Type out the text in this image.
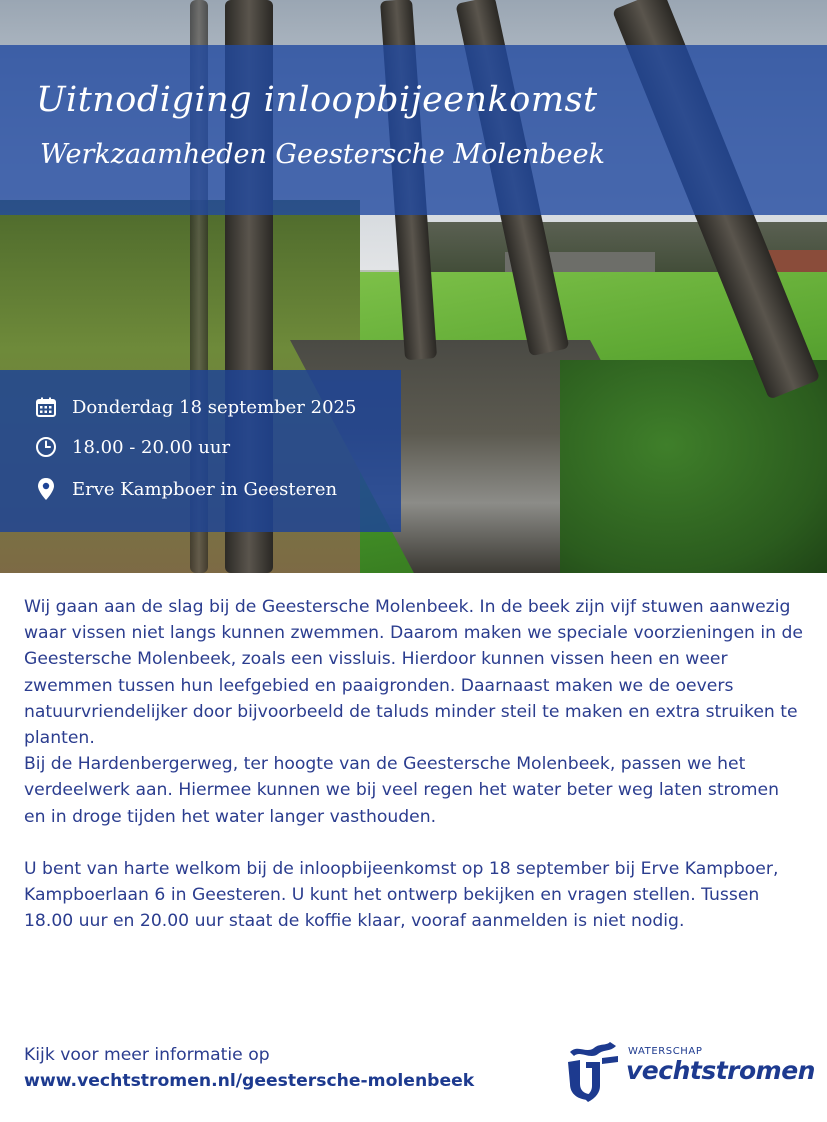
Uitnodiging inloopbijeenkomst
Werkzaamheden Geestersche Molenbeek
Donderdag 18 september 2025
18.00 - 20.00 uur
Erve Kampboer in Geesteren

Wij gaan aan de slag bij de Geestersche Molenbeek. In de beek zijn vijf stuwen aanwezig waar vissen niet langs kunnen zwemmen. Daarom maken we speciale voorzieningen in de Geestersche Molenbeek, zoals een vissluis. Hierdoor kunnen vissen heen en weer zwemmen tussen hun leefgebied en paaigronden. Daarnaast maken we de oevers natuurvriendelijker door bijvoorbeeld de taluds minder steil te maken en extra struiken te planten.

Bij de Hardenbergerweg, ter hoogte van de Geestersche Molenbeek, passen we het verdeelwerk aan. Hiermee kunnen we bij veel regen het water beter weg laten stromen en in droge tijden het water langer vasthouden.

U bent van harte welkom bij de inloopbijeenkomst op 18 september bij Erve Kampboer, Kampboerlaan 6 in Geesteren. U kunt het ontwerp bekijken en vragen stellen. Tussen 18.00 uur en 20.00 uur staat de koffie klaar, vooraf aanmelden is niet nodig.

Kijk voor meer informatie op
www.vechtstromen.nl/geestersche-molenbeek
WATERSCHAP
vechtstromen
